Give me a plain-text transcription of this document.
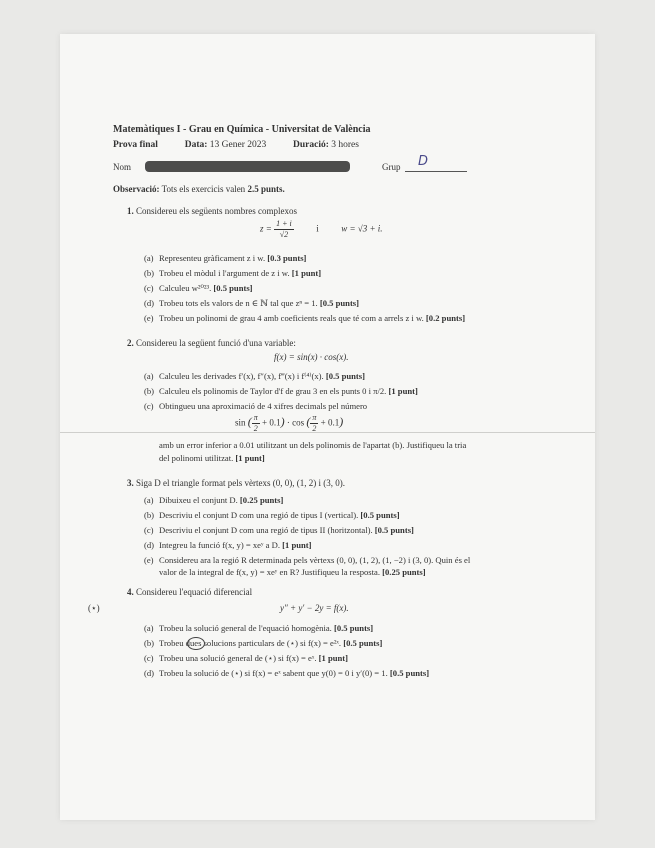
Matemàtiques I - Grau en Química - Universitat de València
Prova final	Data: 13 Gener 2023	Duració: 3 hores
Nom	Grup D
Observació: Tots els exercicis valen 2.5 punts.
1. Considereu els següents nombres complexos
$z = \frac{1 + i}{√2}$	i	w = √3 + i.
(a) Representeu gràficament z i w. [0.3 punts]
(b) Trobeu el mòdul i l'argument de z i w. [1 punt]
(c) Calculeu w²⁰²³. [0.5 punts]
(d) Trobeu tots els valors de n ∈ ℕ tal que zⁿ = 1. [0.5 punts]
(e) Trobeu un polinomi de grau 4 amb coeficients reals que té com a arrels z i w. [0.2 punts]
2. Considereu la següent funció d'una variable:
f(x) = sin(x) · cos(x).
(a) Calculeu les derivades f′(x), f″(x), f‴(x) i f⁽⁴⁾(x). [0.5 punts]
(b) Calculeu els polinomis de Taylor d'f de grau 3 en els punts 0 i π/2. [1 punt]
(c) Obtingueu una aproximació de 4 xifres decimals pel número
sin ( $\frac{\pi}{2} + 0.1) \cdot \cos$ ( $\frac{\pi}{2} + 0.1$)
amb un error inferior a 0.01 utilitzant un dels polinomis de l'apartat (b). Justifiqueu la tria
del polinomi utilitzat. [1 punt]
3. Siga D el triangle format pels vèrtexs (0, 0), (1, 2) i (3, 0).
(a) Dibuixeu el conjunt D. [0.25 punts]
(b) Descriviu el conjunt D com una regió de tipus I (vertical). [0.5 punts]
(c) Descriviu el conjunt D com una regió de tipus II (horitzontal). [0.5 punts]
(d) Integreu la funció f(x, y) = xeʸ a D. [1 punt]
(e) Considereu ara la regió R determinada pels vèrtexs (0, 0), (1, 2), (1, −2) i (3, 0). Quin és el
valor de la integral de f(x, y) = xeʸ en R? Justifiqueu la resposta. [0.25 punts]
4. Considereu l'equació diferencial
(⋆)	y″ + y′ − 2y = f(x).
(a) Trobeu la solució general de l'equació homogènia. [0.5 punts]
(b) Trobeu dues solucions particulars de (⋆) si f(x) = e²ˣ. [0.5 punts]
(c) Trobeu una solució general de (⋆) si f(x) = eˣ. [1 punt]
(d) Trobeu la solució de (⋆) si f(x) = eˣ sabent que y(0) = 0 i y′(0) = 1. [0.5 punts]
